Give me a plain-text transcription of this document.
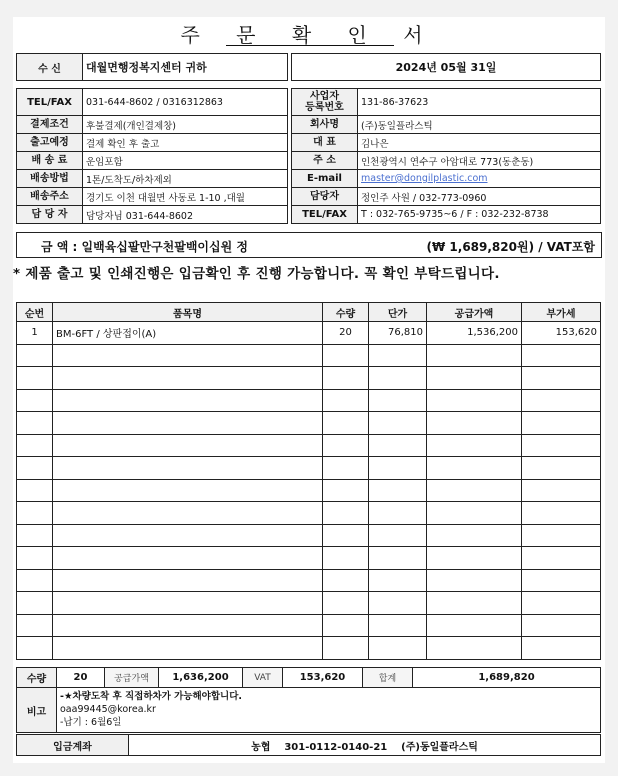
주 문 확 인 서
수 신	대월면행정복지센터 귀하

TEL/FAX	031-644-8602 / 0316312863
결제조건	후불결제(개인결제창)
출고예정	결제 확인 후 출고
배 송 료	운임포함
배송방법	1톤/도착도/하차제외
배송주소	경기도 이천 대월면 사동로 1-10 ,대월
담 당 자	담당자님 031-644-8602
2024년 05월 31일	

사업자
등록번호	131-86-37623
회사명	(주)동일플라스틱
대 표	김나은
주 소	인천광역시 연수구 아암대로 773(동춘동)
E-mail	master@dongilplastic.com
담당자	정인주 사원 / 032-773-0960
TEL/FAX	T : 032-765-9735~6 / F : 032-232-8738
금 액 : 일백육십팔만구천팔백이십원 정	(₩ 1,689,820원) / VAT포함
* 제품 출고 및 인쇄진행은 입금확인 후 진행 가능합니다. 꼭 확인 부탁드립니다.
순번	품목명	수량	단가	공급가액	부가세
1	BM-6FT / 상판접이(A)	20	76,810	1,536,200	153,620

수량	20	공급가액	1,636,200	VAT	153,620	합계	1,689,820
비고	
-★차량도착 후 직접하차가 가능해야합니다.
oaa99445@korea.kr
-납기 : 6월6일
입금계좌	농협    301-0112-0140-21    (주)동일플라스틱
